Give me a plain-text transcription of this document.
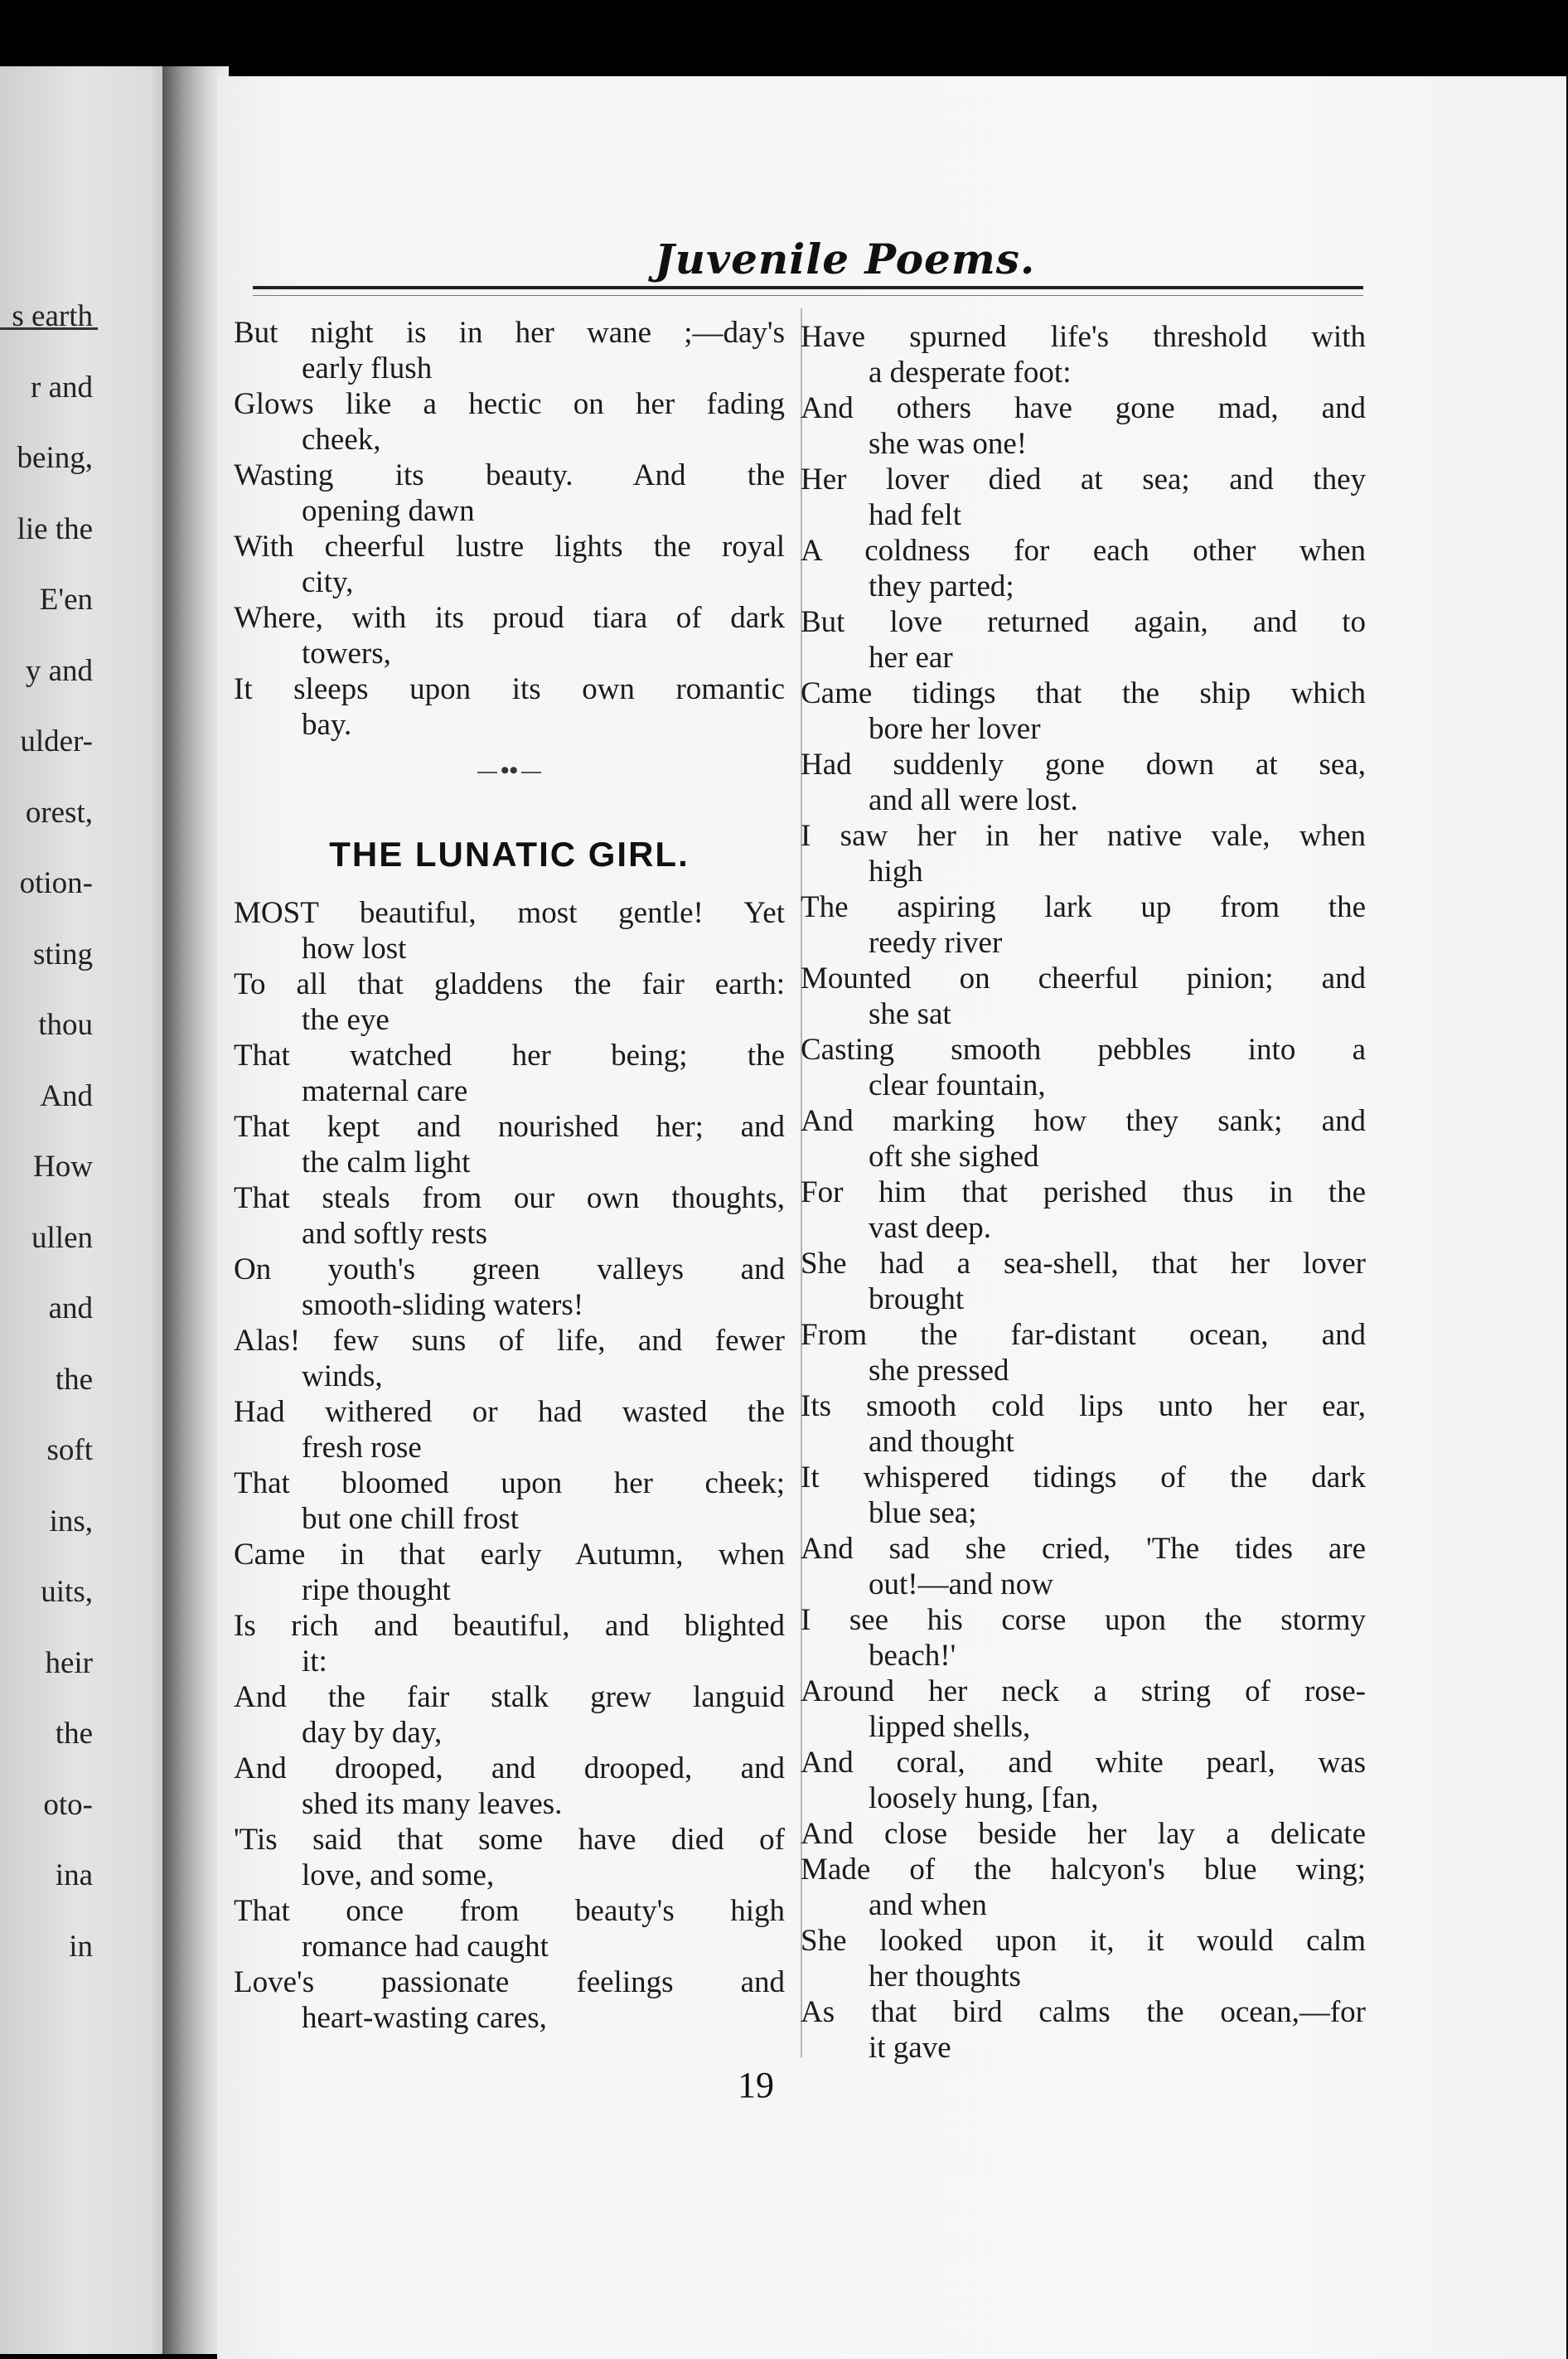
s earth
r and
being,
lie the
E'en
y and
ulder-
orest,
otion-
sting
thou
And
How
ullen
and
the
soft
ins,
uits,
heir
the
oto-
ina
in
Juvenile Poems.
But night is in her wane ;—day's
early flush
Glows like a hectic on her fading
cheek,
Wasting its beauty. And the
opening dawn
With cheerful lustre lights the royal
city,
Where, with its proud tiara of dark
towers,
It sleeps upon its own romantic
bay.
••
THE LUNATIC GIRL.
MOST beautiful, most gentle! Yet
how lost
To all that gladdens the fair earth:
the eye
That watched her being; the
maternal care
That kept and nourished her; and
the calm light
That steals from our own thoughts,
and softly rests
On youth's green valleys and
smooth-sliding waters!
Alas! few suns of life, and fewer
winds,
Had withered or had wasted the
fresh rose
That bloomed upon her cheek;
but one chill frost
Came in that early Autumn, when
ripe thought
Is rich and beautiful, and blighted
it:
And the fair stalk grew languid
day by day,
And drooped, and drooped, and
shed its many leaves.
'Tis said that some have died of
love, and some,
That once from beauty's high
romance had caught
Love's passionate feelings and
heart-wasting cares,
Have spurned life's threshold with
a desperate foot:
And others have gone mad, and
she was one!
Her lover died at sea; and they
had felt
A coldness for each other when
they parted;
But love returned again, and to
her ear
Came tidings that the ship which
bore her lover
Had suddenly gone down at sea,
and all were lost.
I saw her in her native vale, when
high
The aspiring lark up from the
reedy river
Mounted on cheerful pinion; and
she sat
Casting smooth pebbles into a
clear fountain,
And marking how they sank; and
oft she sighed
For him that perished thus in the
vast deep.
She had a sea-shell, that her lover
brought
From the far-distant ocean, and
she pressed
Its smooth cold lips unto her ear,
and thought
It whispered tidings of the dark
blue sea;
And sad she cried, 'The tides are
out!—and now
I see his corse upon the stormy
beach!'
Around her neck a string of rose-
lipped shells,
And coral, and white pearl, was
loosely hung, [fan,
And close beside her lay a delicate
Made of the halcyon's blue wing;
and when
She looked upon it, it would calm
her thoughts
As that bird calms the ocean,—for
it gave
19
